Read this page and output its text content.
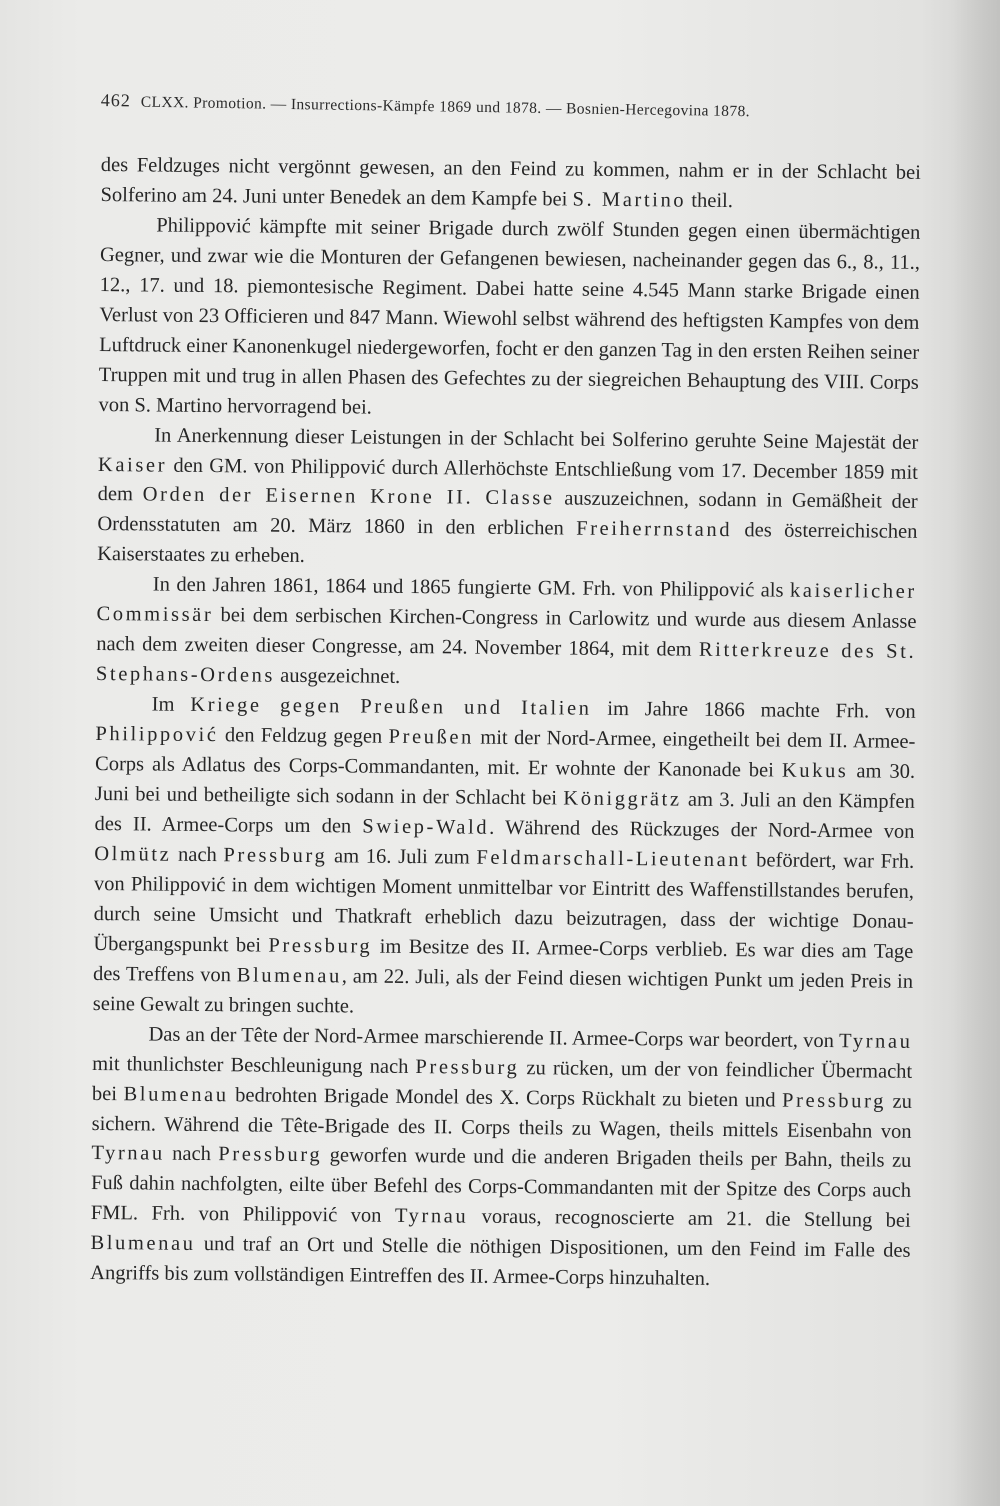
462 CLXX. Promotion. — Insurrections-Kämpfe 1869 und 1878. — Bosnien-Hercegovina 1878.

des Feldzuges nicht vergönnt gewesen, an den Feind zu kommen, nahm er in der Schlacht bei Solferino am 24. Juni unter Benedek an dem Kampfe bei S. Martino theil.

Philippović kämpfte mit seiner Brigade durch zwölf Stunden gegen einen übermächtigen Gegner, und zwar wie die Monturen der Gefangenen bewiesen, nacheinander gegen das 6., 8., 11., 12., 17. und 18. piemontesische Regiment. Dabei hatte seine 4.545 Mann starke Brigade einen Verlust von 23 Officieren und 847 Mann. Wiewohl selbst während des heftigsten Kampfes von dem Luftdruck einer Kanonenkugel niedergeworfen, focht er den ganzen Tag in den ersten Reihen seiner Truppen mit und trug in allen Phasen des Gefechtes zu der siegreichen Behauptung des VIII. Corps von S. Martino hervorragend bei.

In Anerkennung dieser Leistungen in der Schlacht bei Solferino geruhte Seine Majestät der Kaiser den GM. von Philippović durch Allerhöchste Entschließung vom 17. December 1859 mit dem Orden der Eisernen Krone II. Classe auszuzeichnen, sodann in Gemäßheit der Ordensstatuten am 20. März 1860 in den erblichen Freiherrnstand des österreichischen Kaiserstaates zu erheben.

In den Jahren 1861, 1864 und 1865 fungierte GM. Frh. von Philippović als kaiserlicher Commissär bei dem serbischen Kirchen-Congress in Carlowitz und wurde aus diesem Anlasse nach dem zweiten dieser Congresse, am 24. November 1864, mit dem Ritterkreuze des St. Stephans-Ordens ausgezeichnet.

Im Kriege gegen Preußen und Italien im Jahre 1866 machte Frh. von Philippović den Feldzug gegen Preußen mit der Nord-Armee, eingetheilt bei dem II. Armee-Corps als Adlatus des Corps-Commandanten, mit. Er wohnte der Kanonade bei Kukus am 30. Juni bei und betheiligte sich sodann in der Schlacht bei Königgrätz am 3. Juli an den Kämpfen des II. Armee-Corps um den Swiep-Wald. Während des Rückzuges der Nord-Armee von Olmütz nach Pressburg am 16. Juli zum Feldmarschall-Lieutenant befördert, war Frh. von Philippović in dem wichtigen Moment unmittelbar vor Eintritt des Waffenstillstandes berufen, durch seine Umsicht und Thatkraft erheblich dazu beizutragen, dass der wichtige Donau-Übergangspunkt bei Pressburg im Besitze des II. Armee-Corps verblieb. Es war dies am Tage des Treffens von Blumenau, am 22. Juli, als der Feind diesen wichtigen Punkt um jeden Preis in seine Gewalt zu bringen suchte.

Das an der Tête der Nord-Armee marschierende II. Armee-Corps war beordert, von Tyrnau mit thunlichster Beschleunigung nach Pressburg zu rücken, um der von feindlicher Übermacht bei Blumenau bedrohten Brigade Mondel des X. Corps Rückhalt zu bieten und Pressburg zu sichern. Während die Tête-Brigade des II. Corps theils zu Wagen, theils mittels Eisenbahn von Tyrnau nach Pressburg geworfen wurde und die anderen Brigaden theils per Bahn, theils zu Fuß dahin nachfolgten, eilte über Befehl des Corps-Commandanten mit der Spitze des Corps auch FML. Frh. von Philippović von Tyrnau voraus, recognoscierte am 21. die Stellung bei Blumenau und traf an Ort und Stelle die nöthigen Dispositionen, um den Feind im Falle des Angriffs bis zum vollständigen Eintreffen des II. Armee-Corps hinzuhalten.
